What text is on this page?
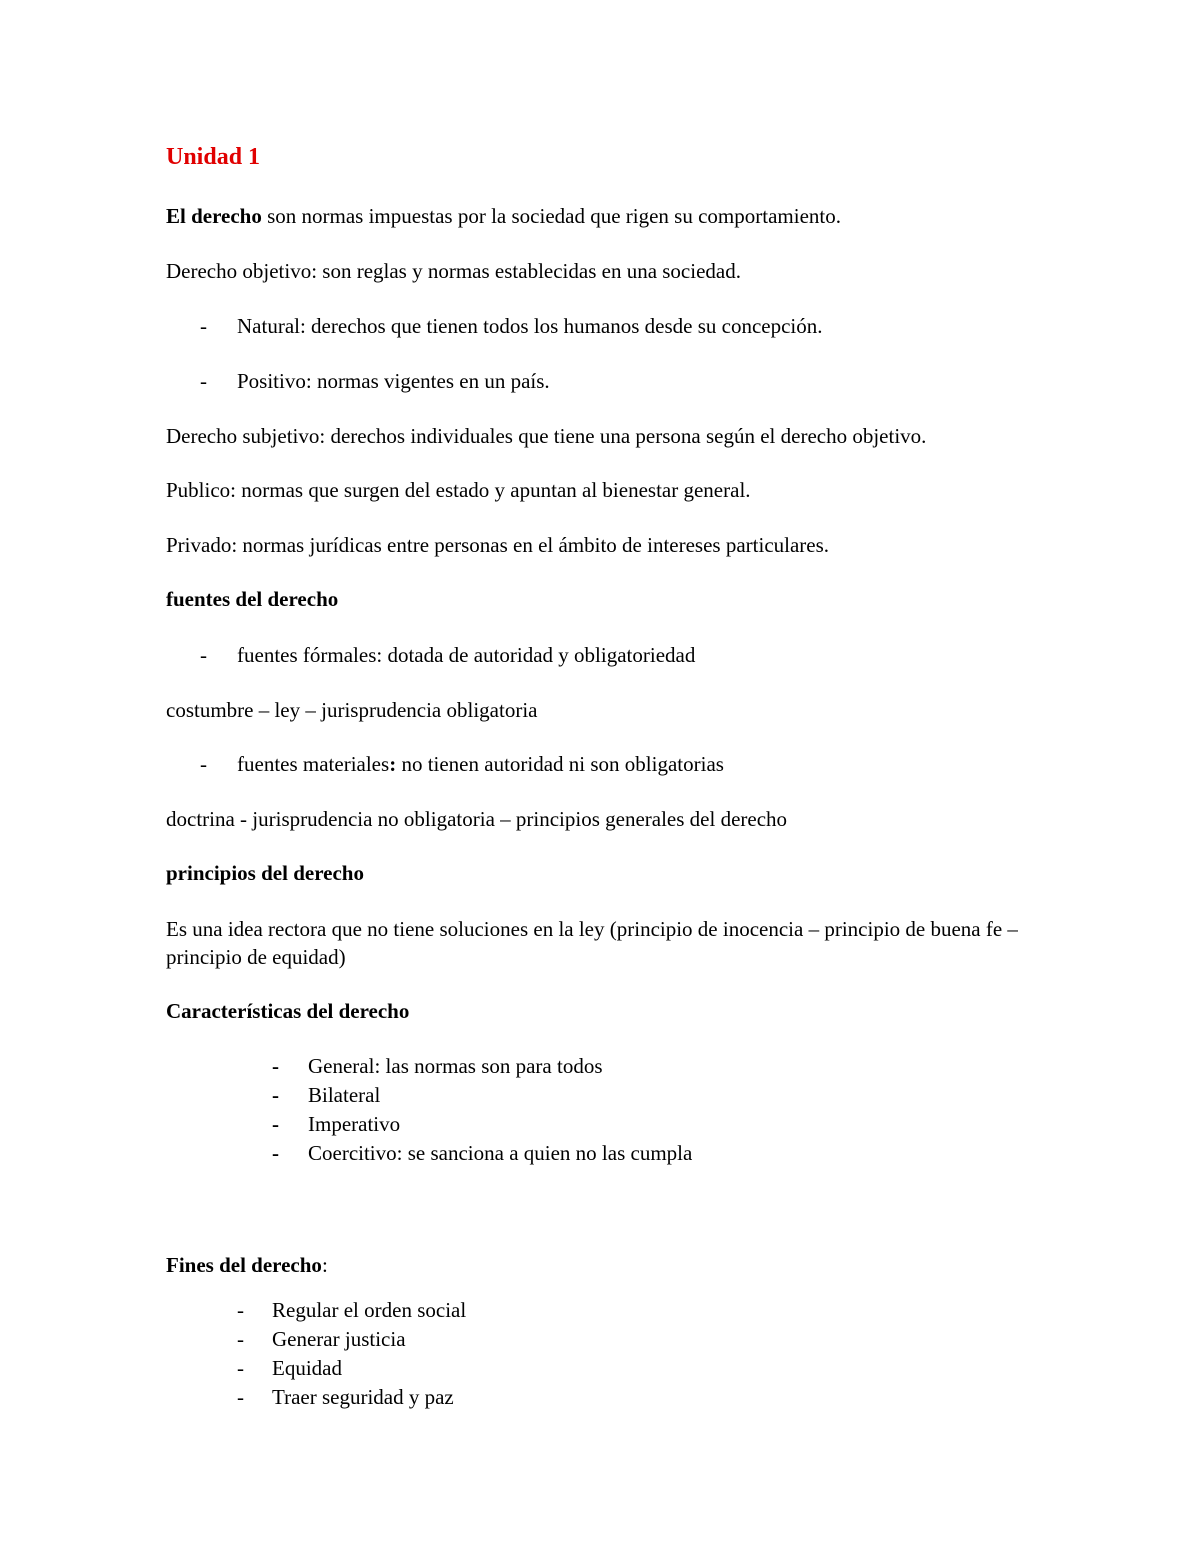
Unidad 1
El derecho son normas impuestas por la sociedad que rigen su comportamiento.
Derecho objetivo: son reglas y normas establecidas en una sociedad.
- Natural: derechos que tienen todos los humanos desde su concepción.
- Positivo: normas vigentes en un país.
Derecho subjetivo: derechos individuales que tiene una persona según el derecho objetivo.
Publico: normas que surgen del estado y apuntan al bienestar general.
Privado: normas jurídicas entre personas en el ámbito de intereses particulares.
fuentes del derecho
- fuentes fórmales: dotada de autoridad y obligatoriedad
costumbre – ley – jurisprudencia obligatoria
- fuentes materiales: no tienen autoridad ni son obligatorias
doctrina - jurisprudencia no obligatoria – principios generales del derecho
principios del derecho
Es una idea rectora que no tiene soluciones en la ley (principio de inocencia – principio de buena fe – principio de equidad)
Características del derecho
- General: las normas son para todos
- Bilateral
- Imperativo
- Coercitivo: se sanciona a quien no las cumpla
Fines del derecho:
- Regular el orden social
- Generar justicia
- Equidad
- Traer seguridad y paz
